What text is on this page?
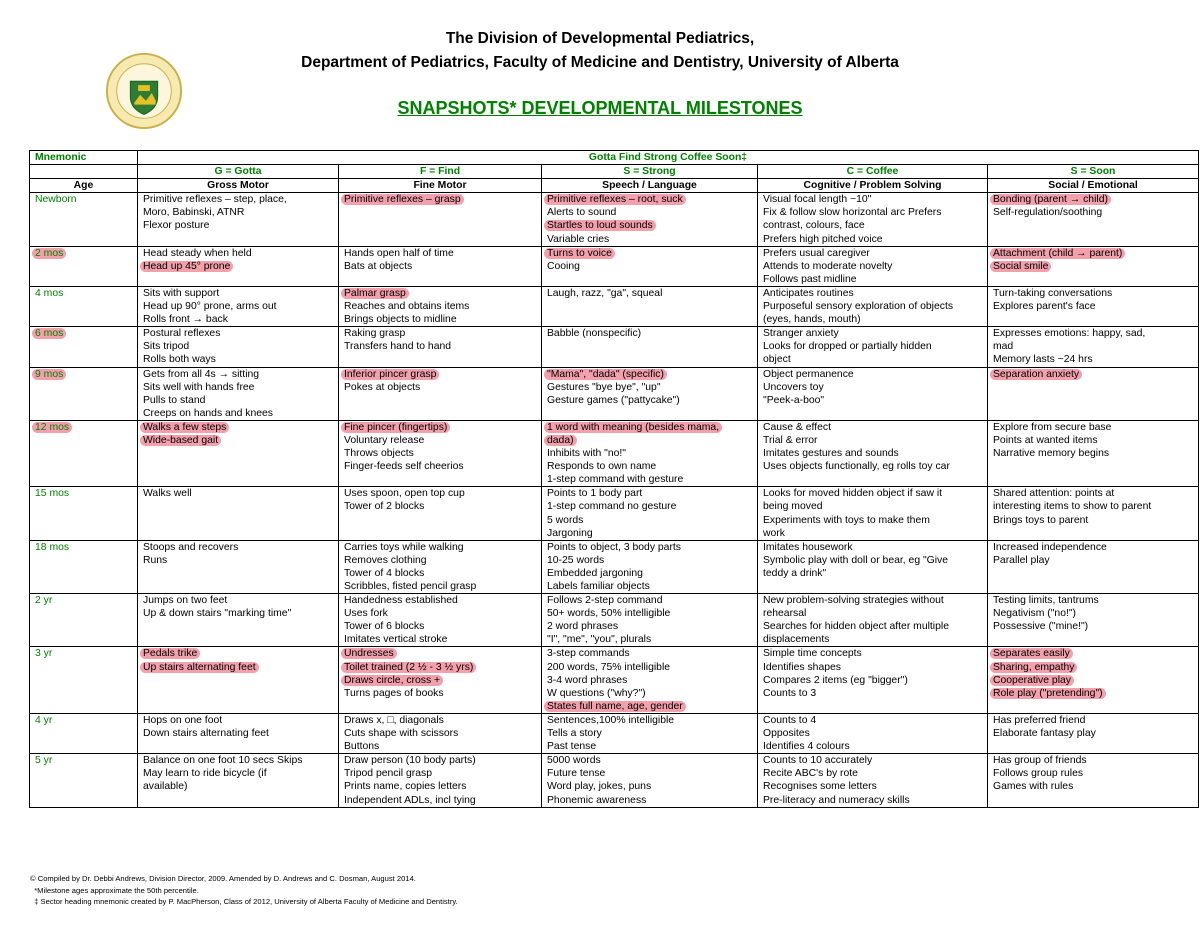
The Division of Developmental Pediatrics,
Department of Pediatrics, Faculty of Medicine and Dentistry, University of Alberta
SNAPSHOTS* DEVELOPMENTAL MILESTONES
Mnemonic	Gotta Find Strong Coffee Soon‡				
	G = Gotta	F = Find	S = Strong	C = Coffee	S = Soon
Age	Gross Motor	Fine Motor	Speech / Language	Cognitive / Problem Solving	Social / Emotional

Newborn	Primitive reflexes – step, place,
Moro, Babinski, ATNR
Flexor posture	Primitive reflexes – grasp	Primitive reflexes – root, suck
Alerts to sound
Startles to loud sounds
Variable cries	Visual focal length ~10"
Fix & follow slow horizontal arc Prefers
contrast, colours, face
Prefers high pitched voice	Bonding (parent → child)
Self-regulation/soothing

2 mos	Head steady when held
Head up 45° prone	Hands open half of time
Bats at objects	Turns to voice
Cooing	Prefers usual caregiver
Attends to moderate novelty
Follows past midline	Attachment (child → parent)
Social smile

4 mos	Sits with support
Head up 90° prone, arms out
Rolls front → back	Palmar grasp
Reaches and obtains items
Brings objects to midline	Laugh, razz, "ga", squeal	Anticipates routines
Purposeful sensory exploration of objects
(eyes, hands, mouth)	Turn-taking conversations
Explores parent's face

6 mos	Postural reflexes
Sits tripod
Rolls both ways	Raking grasp
Transfers hand to hand	Babble (nonspecific)	Stranger anxiety
Looks for dropped or partially hidden
object	Expresses emotions: happy, sad,
mad
Memory lasts ~24 hrs

9 mos	Gets from all 4s → sitting
Sits well with hands free
Pulls to stand
Creeps on hands and knees	Inferior pincer grasp
Pokes at objects	"Mama", "dada" (specific)
Gestures "bye bye", "up"
Gesture games ("pattycake")	Object permanence
Uncovers toy
"Peek-a-boo"	Separation anxiety

12 mos	Walks a few steps
Wide-based gait	Fine pincer (fingertips)
Voluntary release
Throws objects
Finger-feeds self cheerios	1 word with meaning (besides mama,
dada)
Inhibits with "no!"
Responds to own name
1-step command with gesture	Cause & effect
Trial & error
Imitates gestures and sounds
Uses objects functionally, eg rolls toy car	Explore from secure base
Points at wanted items
Narrative memory begins

15 mos	Walks well	Uses spoon, open top cup
Tower of 2 blocks	Points to 1 body part
1-step command no gesture
5 words
Jargoning	Looks for moved hidden object if saw it
being moved
Experiments with toys to make them
work	Shared attention: points at
interesting items to show to parent
Brings toys to parent

18 mos	Stoops and recovers
Runs	Carries toys while walking
Removes clothing
Tower of 4 blocks
Scribbles, fisted pencil grasp	Points to object, 3 body parts
10-25 words
Embedded jargoning
Labels familiar objects	Imitates housework
Symbolic play with doll or bear, eg "Give
teddy a drink"	Increased independence
Parallel play

2 yr	Jumps on two feet
Up & down stairs "marking time"	Handedness established
Uses fork
Tower of 6 blocks
Imitates vertical stroke	Follows 2-step command
50+ words, 50% intelligible
2 word phrases
"I", "me", "you", plurals	New problem-solving strategies without
rehearsal
Searches for hidden object after multiple
displacements	Testing limits, tantrums
Negativism ("no!")
Possessive ("mine!")

3 yr	Pedals trike
Up stairs alternating feet	Undresses
Toilet trained (2 ½ - 3 ½ yrs)
Draws circle, cross +
Turns pages of books	3-step commands
200 words, 75% intelligible
3-4 word phrases
W questions ("why?")
States full name, age, gender	Simple time concepts
Identifies shapes
Compares 2 items (eg "bigger")
Counts to 3	Separates easily
Sharing, empathy
Cooperative play
Role play ("pretending")

4 yr	Hops on one foot
Down stairs alternating feet	Draws x, □, diagonals
Cuts shape with scissors
Buttons	Sentences,100% intelligible
Tells a story
Past tense	Counts to 4
Opposites
Identifies 4 colours	Has preferred friend
Elaborate fantasy play

5 yr	Balance on one foot 10 secs Skips
May learn to ride bicycle (if
available)	Draw person (10 body parts)
Tripod pencil grasp
Prints name, copies letters
Independent ADLs, incl tying	5000 words
Future tense
Word play, jokes, puns
Phonemic awareness	Counts to 10 accurately
Recite ABC's by rote
Recognises some letters
Pre-literacy and numeracy skills	Has group of friends
Follows group rules
Games with rules
© Compiled by Dr. Debbi Andrews, Division Director, 2009. Amended by D. Andrews and C. Dosman, August 2014.
*Milestone ages approximate the 50th percentile.
‡ Sector heading mnemonic created by P. MacPherson, Class of 2012, University of Alberta Faculty of Medicine and Dentistry.
